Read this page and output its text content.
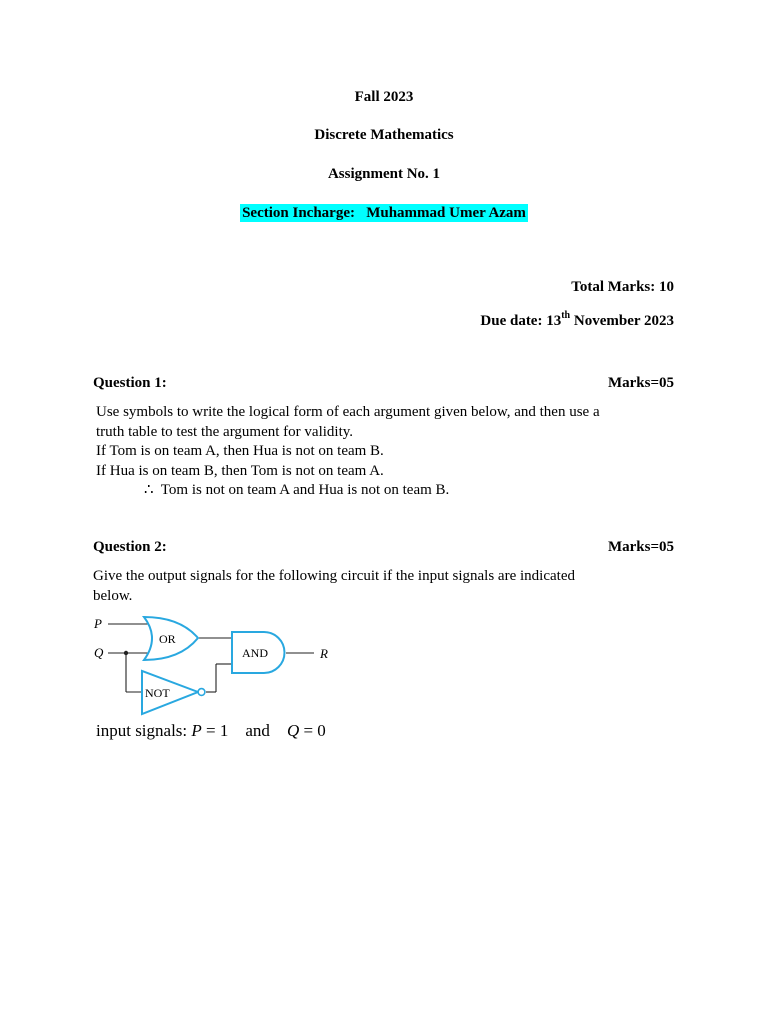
Fall 2023
Discrete Mathematics
Assignment No. 1
Section Incharge: Muhammad Umer Azam
Total Marks: 10
Due date: 13th November 2023
Question 1:	Marks=05
Use symbols to write the logical form of each argument given below, and then use a
truth table to test the argument for validity.
If Tom is on team A, then Hua is not on team B.
If Hua is on team B, then Tom is not on team A.
∴ Tom is not on team A and Hua is not on team B.
Question 2:	Marks=05
Give the output signals for the following circuit if the input signals are indicated
below.
P
Q
OR
AND
NOT
R
input signals: P = 1 and Q = 0
